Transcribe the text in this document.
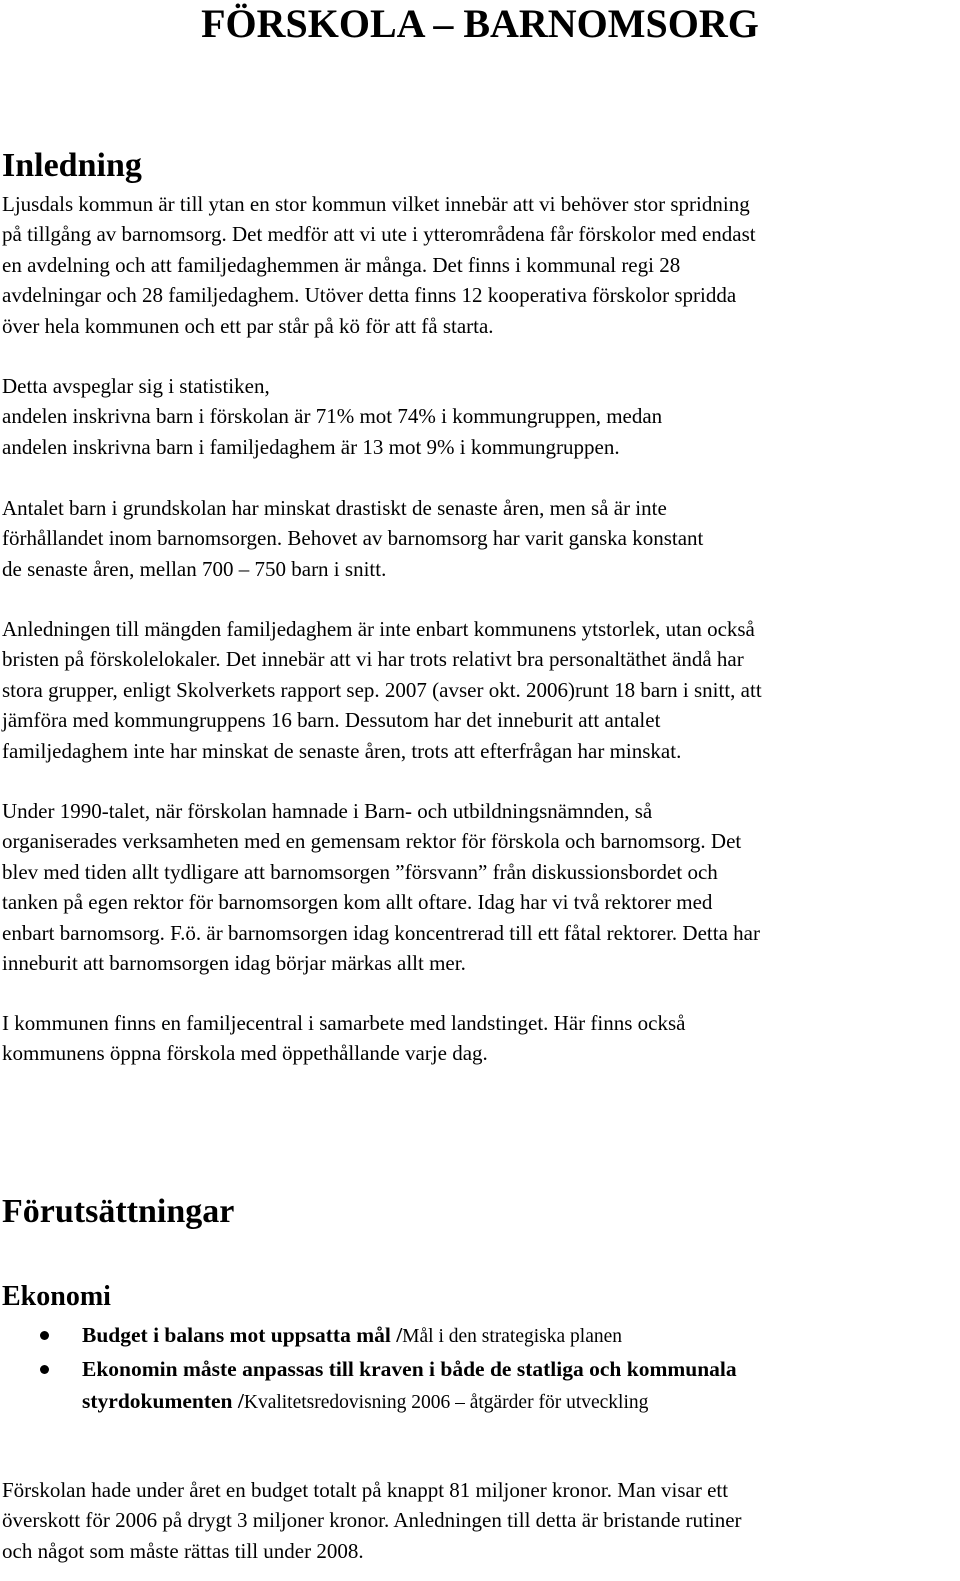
FÖRSKOLA – BARNOMSORG
Inledning

Ljusdals kommun är till ytan en stor kommun vilket innebär att vi behöver stor spridning
på tillgång av barnomsorg. Det medför att vi ute i ytterområdena får förskolor med endast
en avdelning och att familjedaghemmen är många. Det finns i kommunal regi 28
avdelningar och 28 familjedaghem. Utöver detta finns 12 kooperativa förskolor spridda
över hela kommunen och ett par står på kö för att få starta.

Detta avspeglar sig i statistiken,
andelen inskrivna barn i förskolan är 71% mot 74% i kommungruppen, medan
andelen inskrivna barn i familjedaghem är 13 mot 9% i kommungruppen.

Antalet barn i grundskolan har minskat drastiskt de senaste åren, men så är inte
förhållandet inom barnomsorgen. Behovet av barnomsorg har varit ganska konstant
de senaste åren, mellan 700 – 750 barn i snitt.

Anledningen till mängden familjedaghem är inte enbart kommunens ytstorlek, utan också
bristen på förskolelokaler. Det innebär att vi har trots relativt bra personaltäthet ändå har
stora grupper, enligt Skolverkets rapport sep. 2007 (avser okt. 2006)runt 18 barn i snitt, att
jämföra med kommungruppens 16 barn. Dessutom har det inneburit att antalet
familjedaghem inte har minskat de senaste åren, trots att efterfrågan har minskat.

Under 1990-talet, när förskolan hamnade i Barn- och utbildningsnämnden, så
organiserades verksamheten med en gemensam rektor för förskola och barnomsorg. Det
blev med tiden allt tydligare att barnomsorgen ”försvann” från diskussionsbordet och
tanken på egen rektor för barnomsorgen kom allt oftare. Idag har vi två rektorer med
enbart barnomsorg. F.ö. är barnomsorgen idag koncentrerad till ett fåtal rektorer. Detta har
inneburit att barnomsorgen idag börjar märkas allt mer.

I kommunen finns en familjecentral i samarbete med landstinget. Här finns också
kommunens öppna förskola med öppethållande varje dag.

Förutsättningar
Ekonomi
Budget i balans mot uppsatta mål /Mål i den strategiska planen
Ekonomin måste anpassas till kraven i både de statliga och kommunala
styrdokumenten /Kvalitetsredovisning 2006 – åtgärder för utveckling

Förskolan hade under året en budget totalt på knappt 81 miljoner kronor. Man visar ett
överskott för 2006 på drygt 3 miljoner kronor. Anledningen till detta är bristande rutiner
och något som måste rättas till under 2008.
